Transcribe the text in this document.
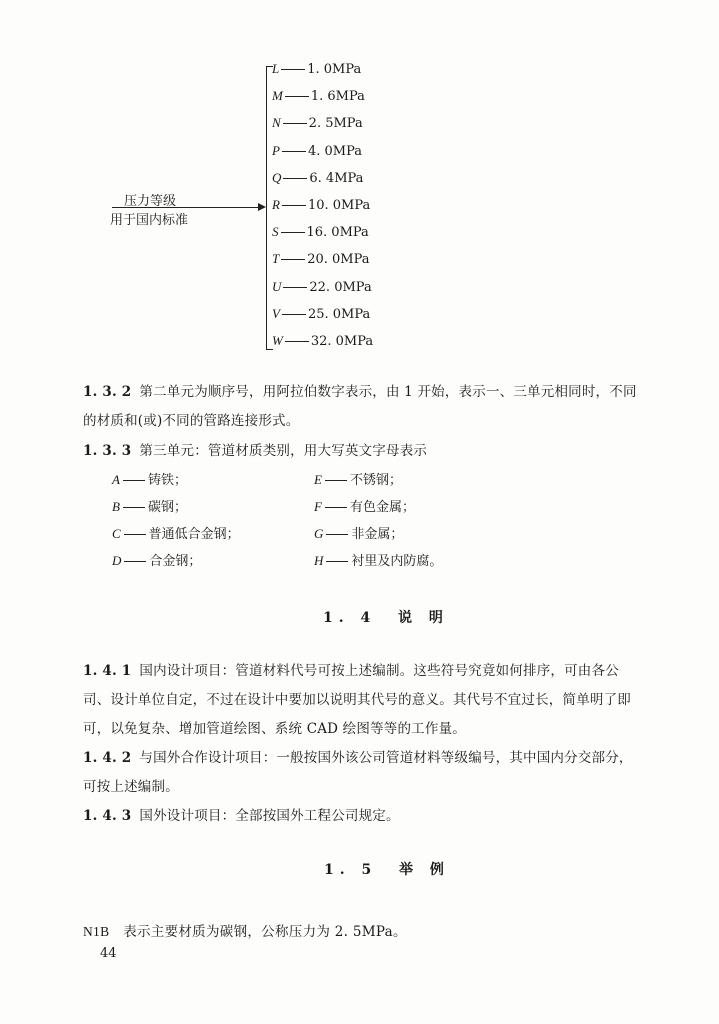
压力等级
用于国内标准
L 1. 0MPa
M 1. 6MPa
N 2. 5MPa
P 4. 0MPa
Q 6. 4MPa
R 10. 0MPa
S 16. 0MPa
T 20. 0MPa
U 22. 0MPa
V 25. 0MPa
W 32. 0MPa
1. 3. 2 第二单元为顺序号，用阿拉伯数字表示，由 1 开始，表示一、三单元相同时，不同的材质和(或)不同的管路连接形式。
1. 3. 3 第三单元：管道材质类别，用大写英文字母表示
A 铸铁；
B 碳钢；
C 普通低合金钢；
D 合金钢；
E 不锈钢；
F 有色金属；
G 非金属；
H 衬里及内防腐。
1. 4 说 明
1. 4. 1 国内设计项目：管道材料代号可按上述编制。这些符号究竟如何排序，可由各公司、设计单位自定，不过在设计中要加以说明其代号的意义。其代号不宜过长，简单明了即可，以免复杂、增加管道绘图、系统 CAD 绘图等等的工作量。
1. 4. 2 与国外合作设计项目：一般按国外该公司管道材料等级编号，其中国内分交部分，可按上述编制。
1. 4. 3 国外设计项目：全部按国外工程公司规定。
1. 5 举 例
N1B 表示主要材质为碳钢，公称压力为 2. 5MPa。
44
